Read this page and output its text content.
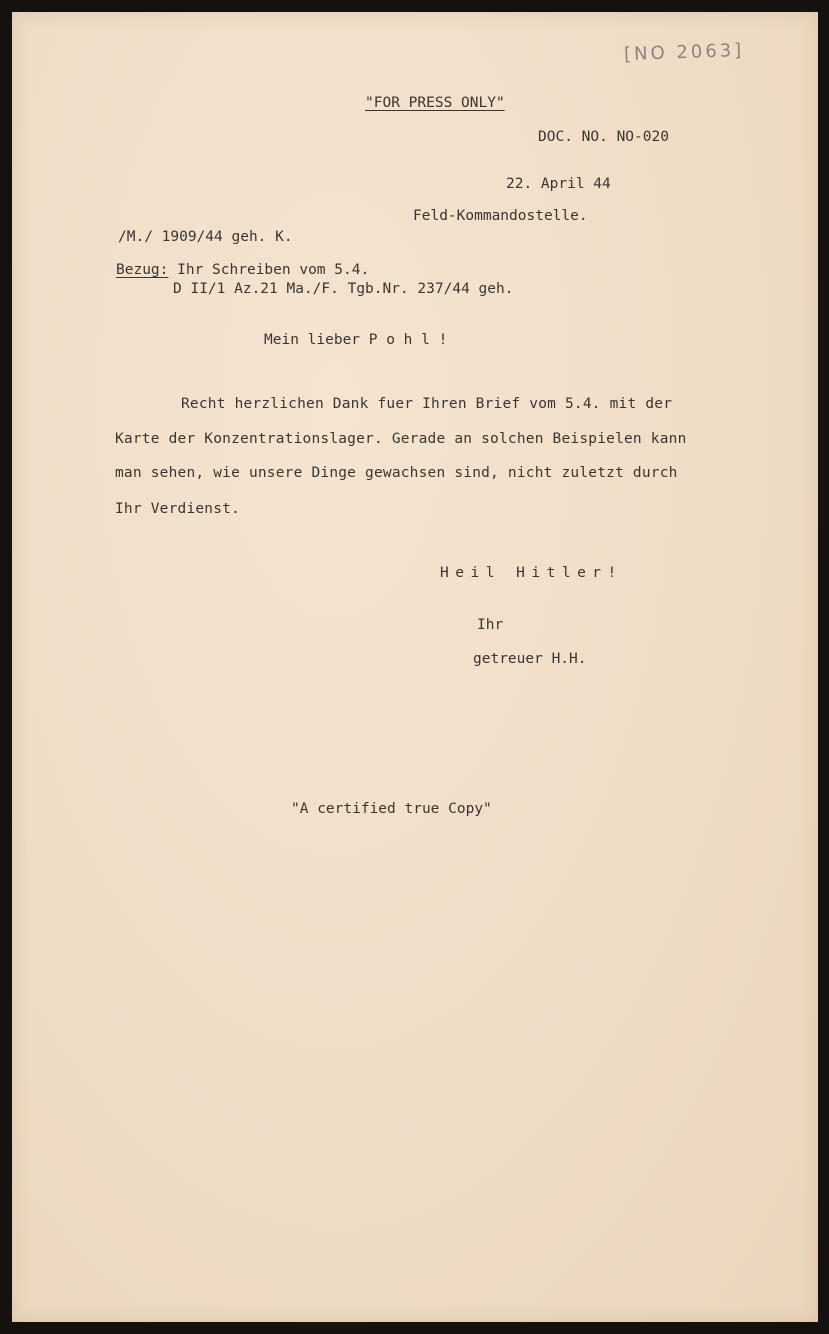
[NO 2063]
"FOR PRESS ONLY"
DOC. NO. NO-020
22. April 44
Feld-Kommandostelle.
/M./ 1909/44 geh. K.
Bezug: Ihr Schreiben vom 5.4.
D II/1 Az.21 Ma./F. Tgb.Nr. 237/44 geh.
Mein lieber P o h l !
Recht herzlichen Dank fuer Ihren Brief vom 5.4. mit der
Karte der Konzentrationslager. Gerade an solchen Beispielen kann
man sehen, wie unsere Dinge gewachsen sind, nicht zuletzt durch
Ihr Verdienst.
Heil Hitler!
Ihr
getreuer H.H.
"A certified true Copy"
